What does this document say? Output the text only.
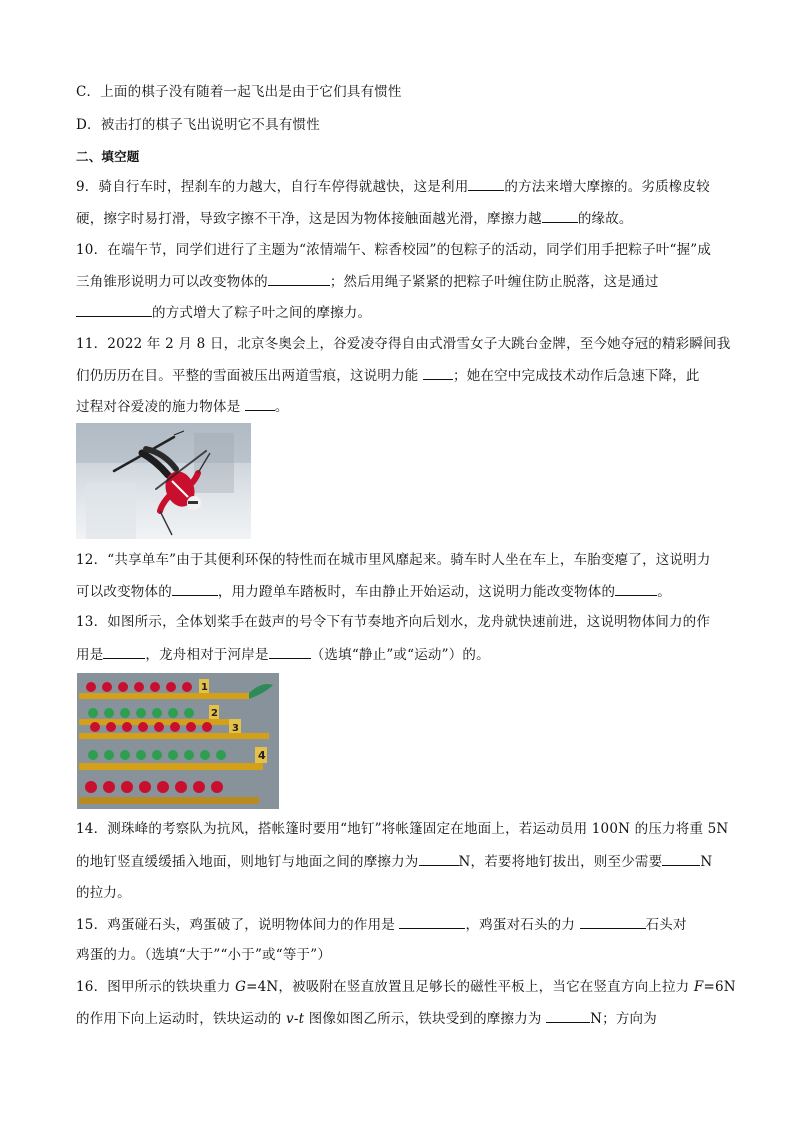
C．上面的棋子没有随着一起飞出是由于它们具有惯性
D．被击打的棋子飞出说明它不具有惯性
二、填空题
9．骑自行车时，捏刹车的力越大，自行车停得就越快，这是利用	的方法来增大摩擦的。劣质橡皮较
硬，擦字时易打滑，导致字擦不干净，这是因为物体接触面越光滑，摩擦力越	的缘故。
10．在端午节，同学们进行了主题为“浓情端午、粽香校园”的包粽子的活动，同学们用手把粽子叶“握”成
三角锥形说明力可以改变物体的	；然后用绳子紧紧的把粽子叶缠住防止脱落，这是通过
的方式增大了粽子叶之间的摩擦力。
11．2022 年 2 月 8 日，北京冬奥会上，谷爱凌夺得自由式滑雪女子大跳台金牌，至今她夺冠的精彩瞬间我
们仍历历在目。平整的雪面被压出两道雪痕，这说明力能 ；她在空中完成技术动作后急速下降，此
过程对谷爱凌的施力物体是 。
12．“共享单车”由于其便利环保的特性而在城市里风靡起来。骑车时人坐在车上，车胎变瘪了，这说明力
可以改变物体的	，用力蹬单车踏板时，车由静止开始运动，这说明力能改变物体的	。
13．如图所示，全体划桨手在鼓声的号令下有节奏地齐向后划水，龙舟就快速前进，这说明物体间力的作
用是	，龙舟相对于河岸是	（选填“静止”或“运动”）的。
1
2
3
4
14．测珠峰的考察队为抗风，搭帐篷时要用“地钉”将帐篷固定在地面上，若运动员用 100N 的压力将重 5N
的地钉竖直缓缓插入地面，则地钉与地面之间的摩擦力为	N，若要将地钉拔出，则至少需要	N
的拉力。
15．鸡蛋碰石头，鸡蛋破了，说明物体间力的作用是	，鸡蛋对石头的力	石头对
鸡蛋的力。（选填“大于”“小于”或“等于”）
16．图甲所示的铁块重力 G=4N，被吸附在竖直放置且足够长的磁性平板上，当它在竖直方向上拉力 F=6N
的作用下向上运动时，铁块运动的 v-t 图像如图乙所示，铁块受到的摩擦力为	N；方向为
